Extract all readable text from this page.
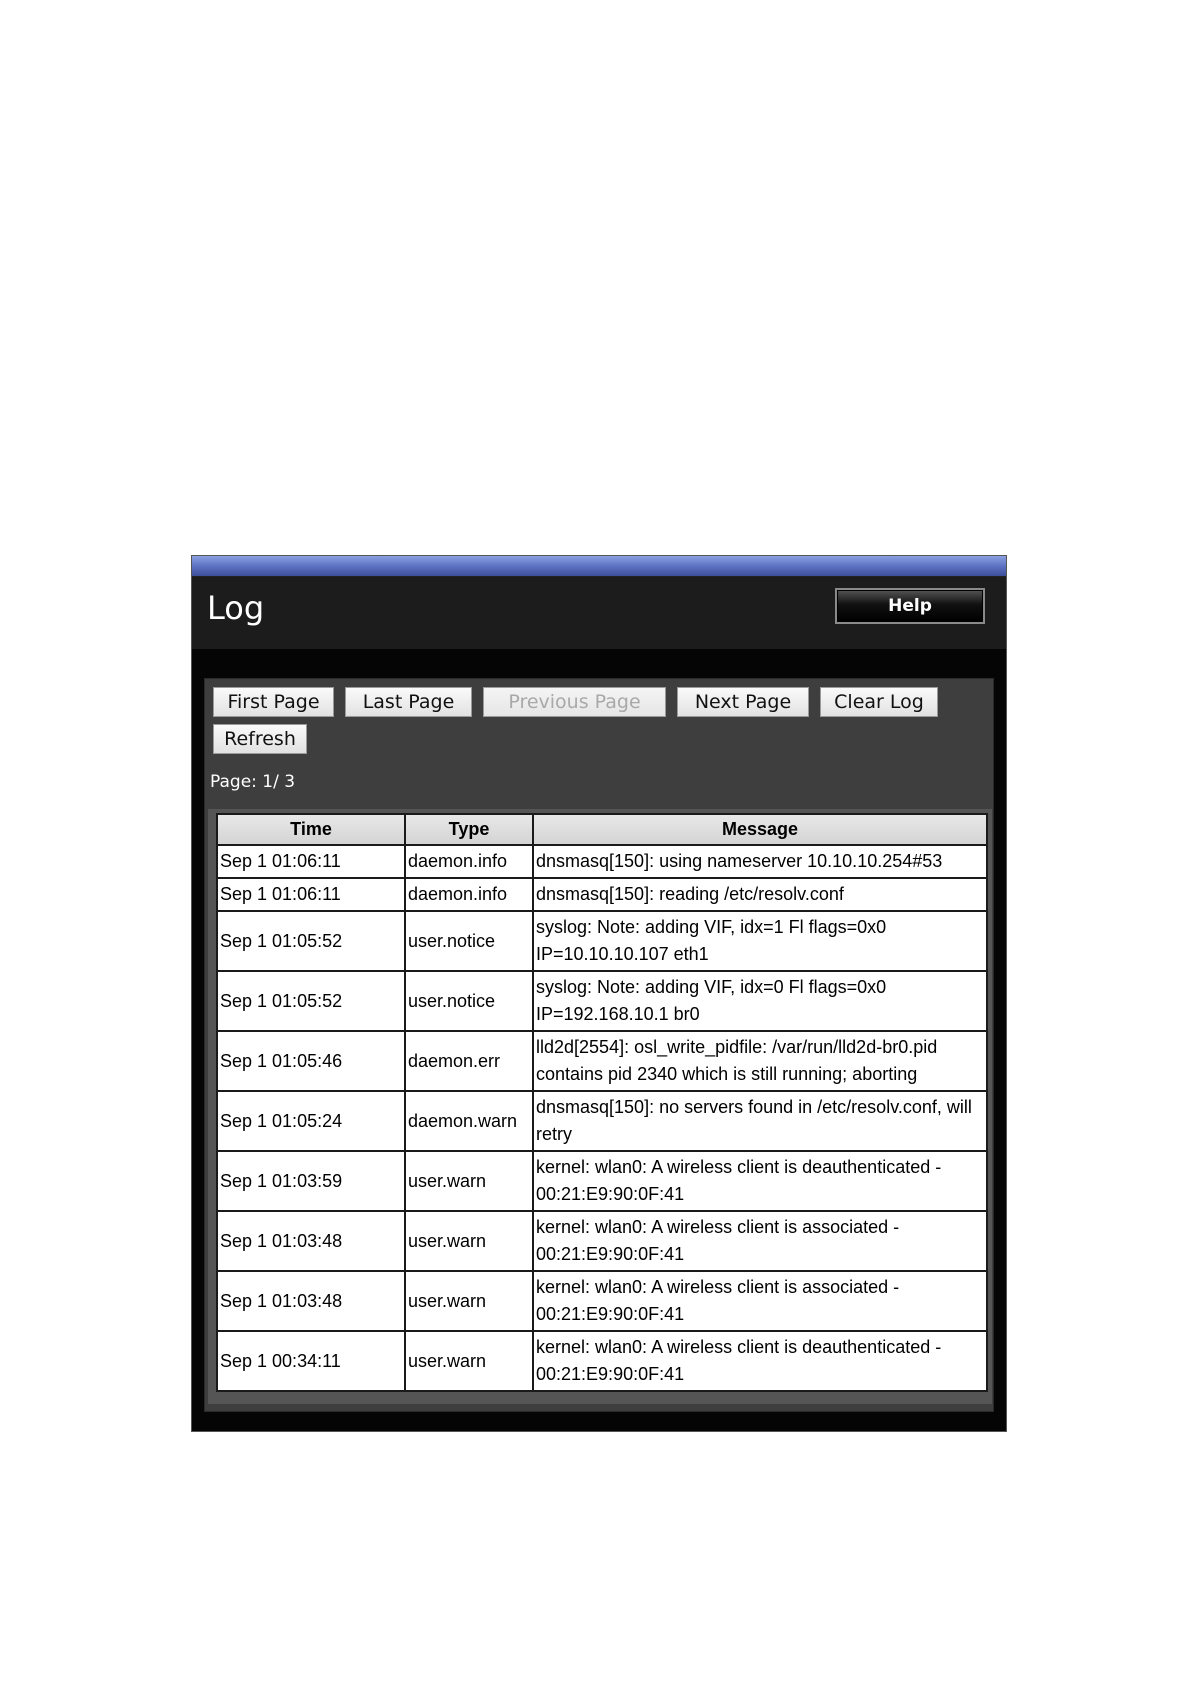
Log	Help
First Page	Last Page	Previous Page	Next Page	Clear Log
Refresh
Page: 1/ 3
Time	Type	Message
Sep 1 01:06:11	daemon.info	dnsmasq[150]: using nameserver 10.10.10.254#53
Sep 1 01:06:11	daemon.info	dnsmasq[150]: reading /etc/resolv.conf
Sep 1 01:05:52	user.notice	syslog: Note: adding VIF, idx=1 Fl flags=0x0 IP=10.10.10.107 eth1
Sep 1 01:05:52	user.notice	syslog: Note: adding VIF, idx=0 Fl flags=0x0 IP=192.168.10.1 br0
Sep 1 01:05:46	daemon.err	lld2d[2554]: osl_write_pidfile: /var/run/lld2d-br0.pid contains pid 2340 which is still running; aborting
Sep 1 01:05:24	daemon.warn	dnsmasq[150]: no servers found in /etc/resolv.conf, will retry
Sep 1 01:03:59	user.warn	kernel: wlan0: A wireless client is deauthenticated - 00:21:E9:90:0F:41
Sep 1 01:03:48	user.warn	kernel: wlan0: A wireless client is associated - 00:21:E9:90:0F:41
Sep 1 01:03:48	user.warn	kernel: wlan0: A wireless client is associated - 00:21:E9:90:0F:41
Sep 1 00:34:11	user.warn	kernel: wlan0: A wireless client is deauthenticated - 00:21:E9:90:0F:41
